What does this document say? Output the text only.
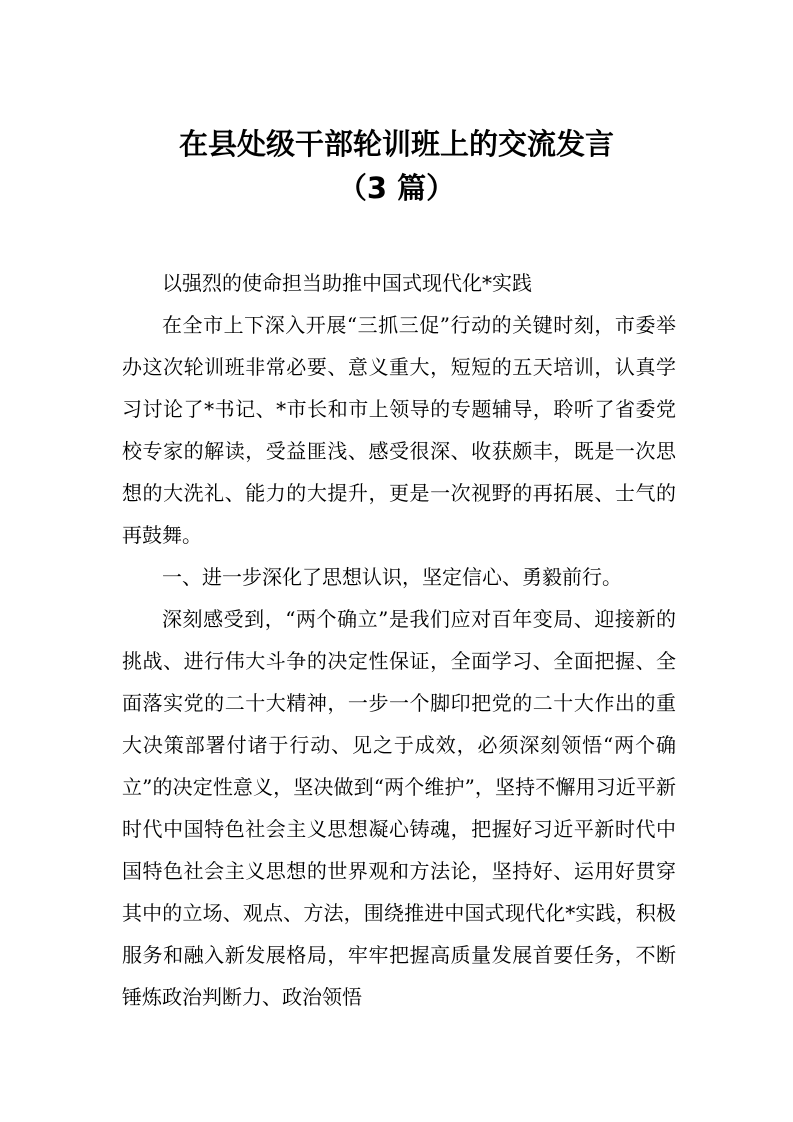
在县处级干部轮训班上的交流发言
（3 篇）

以强烈的使命担当助推中国式现代化*实践

在全市上下深入开展“三抓三促”行动的关键时刻，市委举办这次轮训班非常必要、意义重大，短短的五天培训，认真学习讨论了*书记、*市长和市上领导的专题辅导，聆听了省委党校专家的解读，受益匪浅、感受很深、收获颇丰，既是一次思想的大洗礼、能力的大提升，更是一次视野的再拓展、士气的再鼓舞。

一、进一步深化了思想认识，坚定信心、勇毅前行。

深刻感受到，“两个确立”是我们应对百年变局、迎接新的挑战、进行伟大斗争的决定性保证，全面学习、全面把握、全面落实党的二十大精神，一步一个脚印把党的二十大作出的重大决策部署付诸于行动、见之于成效，必须深刻领悟“两个确立”的决定性意义，坚决做到“两个维护”，坚持不懈用习近平新时代中国特色社会主义思想凝心铸魂，把握好习近平新时代中国特色社会主义思想的世界观和方法论，坚持好、运用好贯穿其中的立场、观点、方法，围绕推进中国式现代化*实践，积极服务和融入新发展格局，牢牢把握高质量发展首要任务，不断锤炼政治判断力、政治领悟
